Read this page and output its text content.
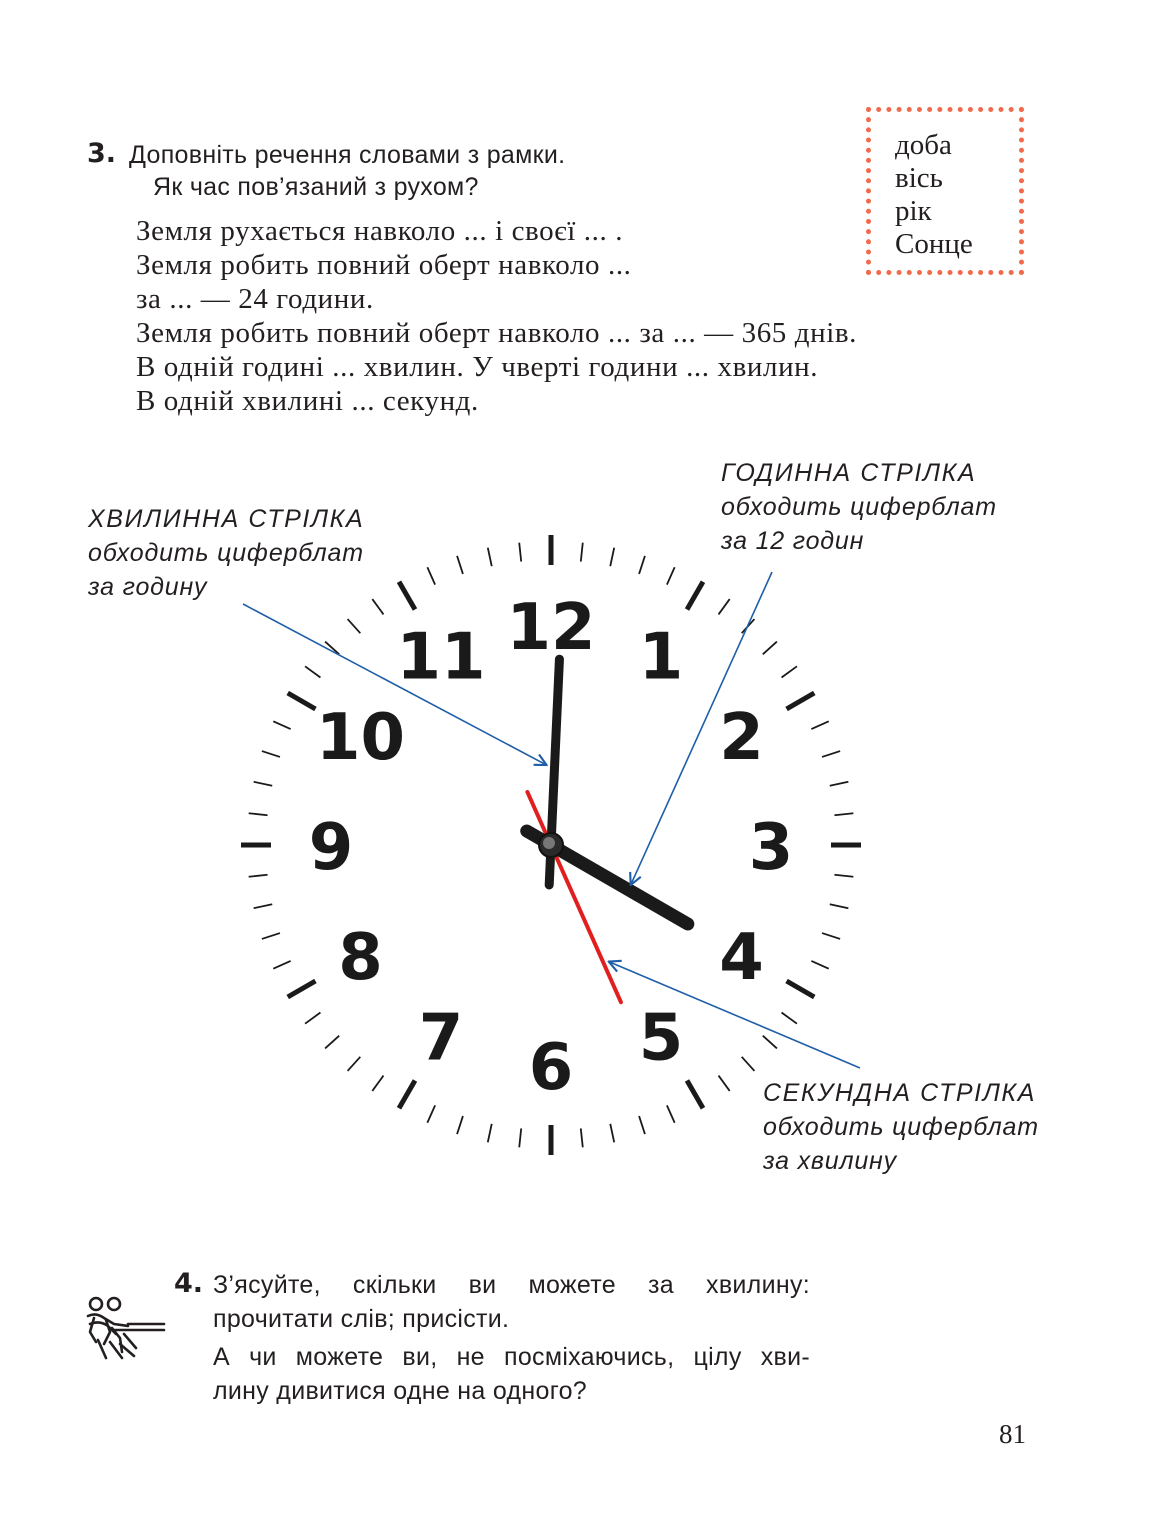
3. Доповніть речення словами з рамки.
Як час пов’язаний з рухом?
Земля рухається навколо ... і своєї ... .
Земля робить повний оберт навколо ...
за ... — 24 години.
Земля робить повний оберт навколо ... за ... — 365 днів.
В одній годині ... хвилин. У чверті години ... хвилин.
В одній хвилині ... секунд.
доба
вісь
рік
Сонце
12 1
2
3
4
5
6
7
8
9
10
11
ХВИЛИННА СТРІЛКА
обходить циферблат
за годину
ГОДИННА СТРІЛКА
обходить циферблат
за 12 годин
СЕКУНДНА СТРІЛКА
обходить циферблат
за хвилину
4. З’ясуйте, скільки ви можете за хвилину:
прочитати слів; присісти.
А чи можете ви, не посміхаючись, цілу хви-
лину дивитися одне на одного?
81
